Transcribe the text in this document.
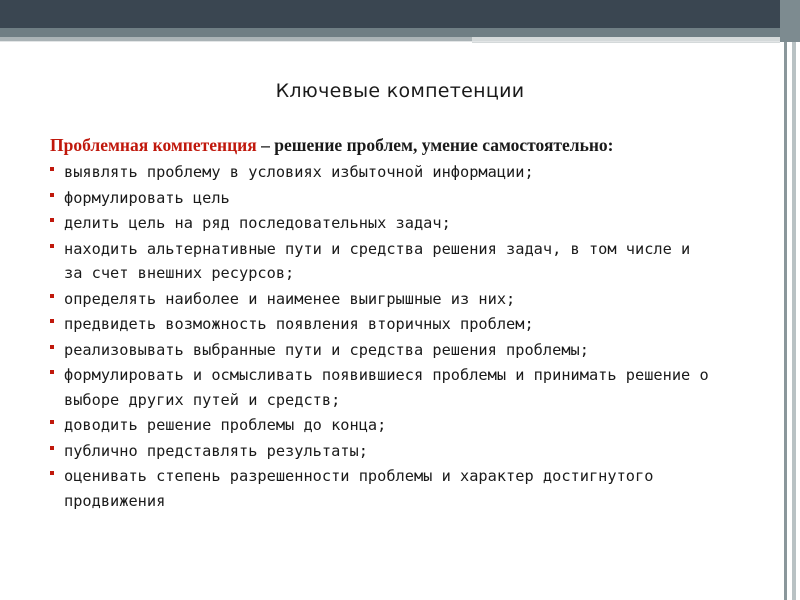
Ключевые компетенции

Проблемная компетенция – решение проблем, умение самостоятельно:

выявлять проблему в условиях избыточной информации;
формулировать цель
делить цель на ряд последовательных задач;
находить альтернативные пути и средства решения задач, в том числе и за счет внешних ресурсов;
определять наиболее и наименее выигрышные из них;
предвидеть возможность появления вторичных проблем;
реализовывать выбранные пути и средства решения проблемы;
формулировать и осмысливать появившиеся проблемы и принимать решение о выборе других путей и средств;
доводить решение проблемы до конца;
публично представлять результаты;
оценивать степень разрешенности проблемы и характер достигнутого продвижения
